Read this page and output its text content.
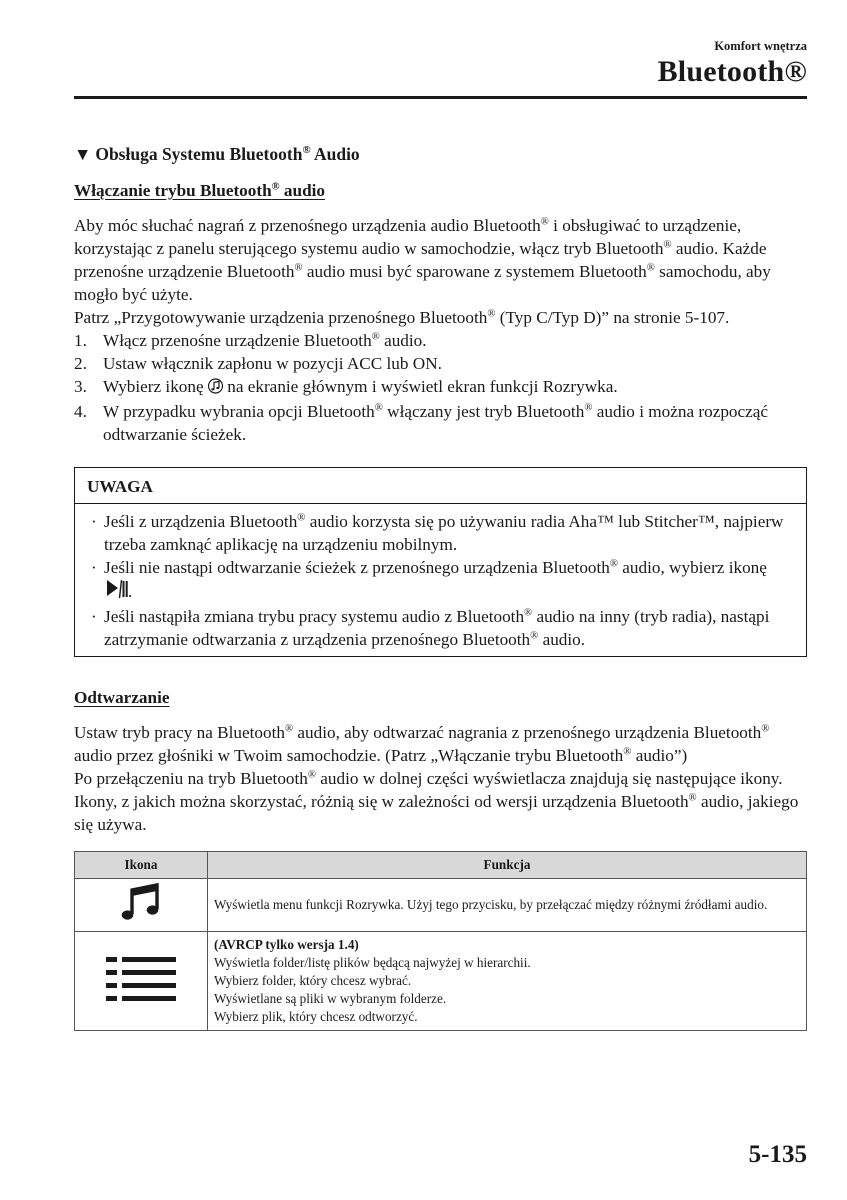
Komfort wnętrza
Bluetooth®
▼ Obsługa Systemu Bluetooth® Audio
Włączanie trybu Bluetooth® audio

Aby móc słuchać nagrań z przenośnego urządzenia audio Bluetooth® i obsługiwać to urządzenie, korzystając z panelu sterującego systemu audio w samochodzie, włącz tryb Bluetooth® audio. Każde przenośne urządzenie Bluetooth® audio musi być sparowane z systemem Bluetooth® samochodu, aby mogło być użyte.

Patrz „Przygotowywanie urządzenia przenośnego Bluetooth® (Typ C/Typ D)” na stronie 5-107.

1. Włącz przenośne urządzenie Bluetooth® audio.
2. Ustaw włącznik zapłonu w pozycji ACC lub ON.
3. Wybierz ikonę  na ekranie głównym i wyświetl ekran funkcji Rozrywka.
4. W przypadku wybrania opcji Bluetooth® włączany jest tryb Bluetooth® audio i można rozpocząć odtwarzanie ścieżek.
UWAGA
· Jeśli z urządzenia Bluetooth® audio korzysta się po używaniu radia Aha™ lub Stitcher™, najpierw trzeba zamknąć aplikację na urządzeniu mobilnym.
· Jeśli nie nastąpi odtwarzanie ścieżek z przenośnego urządzenia Bluetooth® audio, wybierz ikonę .
· Jeśli nastąpiła zmiana trybu pracy systemu audio z Bluetooth® audio na inny (tryb radia), nastąpi zatrzymanie odtwarzania z urządzenia przenośnego Bluetooth® audio.
Odtwarzanie

Ustaw tryb pracy na Bluetooth® audio, aby odtwarzać nagrania z przenośnego urządzenia Bluetooth® audio przez głośniki w Twoim samochodzie. (Patrz „Włączanie trybu Bluetooth® audio”)

Po przełączeniu na tryb Bluetooth® audio w dolnej części wyświetlacza znajdują się następujące ikony. Ikony, z jakich można skorzystać, różnią się w zależności od wersji urządzenia Bluetooth® audio, jakiego się używa.

Ikona	Funkcja
	Wyświetla menu funkcji Rozrywka. Użyj tego przycisku, by przełączać między różnymi źródłami audio.

(AVRCP tylko wersja 1.4)
Wyświetla folder/listę plików będącą najwyżej w hierarchii.
Wybierz folder, który chcesz wybrać.
Wyświetlane są pliki w wybranym folderze.
Wybierz plik, który chcesz odtworzyć.
5-135
